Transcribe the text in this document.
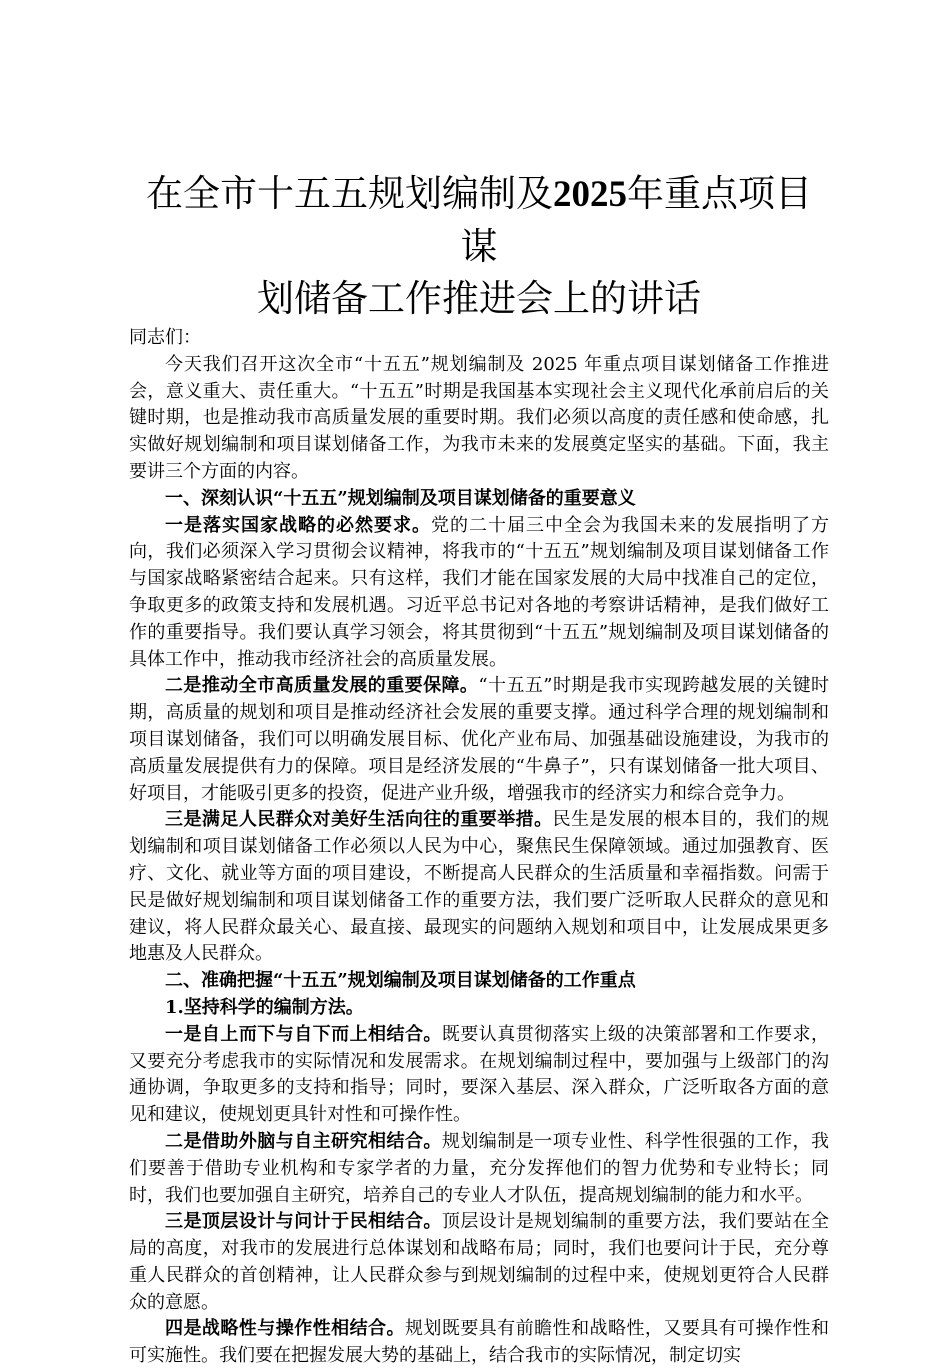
在全市十五五规划编制及2025年重点项目谋
划储备工作推进会上的讲话

同志们：

今天我们召开这次全市“十五五”规划编制及 2025 年重点项目谋划储备工作推进会，意义重大、责任重大。“十五五”时期是我国基本实现社会主义现代化承前启后的关键时期，也是推动我市高质量发展的重要时期。我们必须以高度的责任感和使命感，扎实做好规划编制和项目谋划储备工作，为我市未来的发展奠定坚实的基础。下面，我主要讲三个方面的内容。

一、深刻认识“十五五”规划编制及项目谋划储备的重要意义

一是落实国家战略的必然要求。党的二十届三中全会为我国未来的发展指明了方向，我们必须深入学习贯彻会议精神，将我市的“十五五”规划编制及项目谋划储备工作与国家战略紧密结合起来。只有这样，我们才能在国家发展的大局中找准自己的定位，争取更多的政策支持和发展机遇。习近平总书记对各地的考察讲话精神，是我们做好工作的重要指导。我们要认真学习领会，将其贯彻到“十五五”规划编制及项目谋划储备的具体工作中，推动我市经济社会的高质量发展。

二是推动全市高质量发展的重要保障。“十五五”时期是我市实现跨越发展的关键时期，高质量的规划和项目是推动经济社会发展的重要支撑。通过科学合理的规划编制和项目谋划储备，我们可以明确发展目标、优化产业布局、加强基础设施建设，为我市的高质量发展提供有力的保障。项目是经济发展的“牛鼻子”，只有谋划储备一批大项目、好项目，才能吸引更多的投资，促进产业升级，增强我市的经济实力和综合竞争力。

三是满足人民群众对美好生活向往的重要举措。民生是发展的根本目的，我们的规划编制和项目谋划储备工作必须以人民为中心，聚焦民生保障领域。通过加强教育、医疗、文化、就业等方面的项目建设，不断提高人民群众的生活质量和幸福指数。问需于民是做好规划编制和项目谋划储备工作的重要方法，我们要广泛听取人民群众的意见和建议，将人民群众最关心、最直接、最现实的问题纳入规划和项目中，让发展成果更多地惠及人民群众。

二、准确把握“十五五”规划编制及项目谋划储备的工作重点

1.坚持科学的编制方法。

一是自上而下与自下而上相结合。既要认真贯彻落实上级的决策部署和工作要求，又要充分考虑我市的实际情况和发展需求。在规划编制过程中，要加强与上级部门的沟通协调，争取更多的支持和指导；同时，要深入基层、深入群众，广泛听取各方面的意见和建议，使规划更具针对性和可操作性。

二是借助外脑与自主研究相结合。规划编制是一项专业性、科学性很强的工作，我们要善于借助专业机构和专家学者的力量，充分发挥他们的智力优势和专业特长；同时，我们也要加强自主研究，培养自己的专业人才队伍，提高规划编制的能力和水平。

三是顶层设计与问计于民相结合。顶层设计是规划编制的重要方法，我们要站在全局的高度，对我市的发展进行总体谋划和战略布局；同时，我们也要问计于民，充分尊重人民群众的首创精神，让人民群众参与到规划编制的过程中来，使规划更符合人民群众的意愿。

四是战略性与操作性相结合。规划既要具有前瞻性和战略性，又要具有可操作性和可实施性。我们要在把握发展大势的基础上，结合我市的实际情况，制定切实
